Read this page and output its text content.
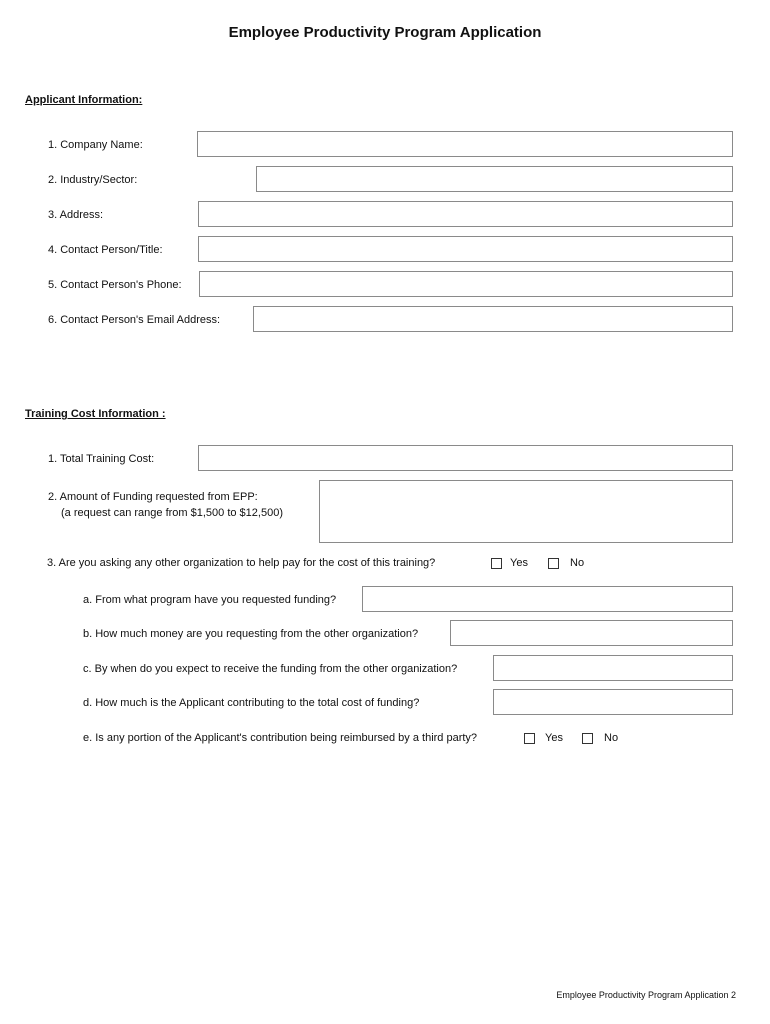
Employee Productivity Program Application
Applicant Information:
1. Company Name:
2. Industry/Sector:
3. Address:
4. Contact Person/Title:
5. Contact Person's Phone:
6. Contact Person's Email Address:
Training Cost Information :
1. Total Training Cost:
2. Amount of Funding requested from EPP:
(a request can range from $1,500 to $12,500)
3. Are you asking any other organization to help pay for the cost of this training?	Yes	No
a. From what program have you requested funding?
b. How much money are you requesting from the other organization?
c. By when do you expect to receive the funding from the other organization?
d. How much is the Applicant contributing to the total cost of funding?
e. Is any portion of the Applicant's contribution being reimbursed by a third party?	Yes	No
Employee Productivity Program Application 2
